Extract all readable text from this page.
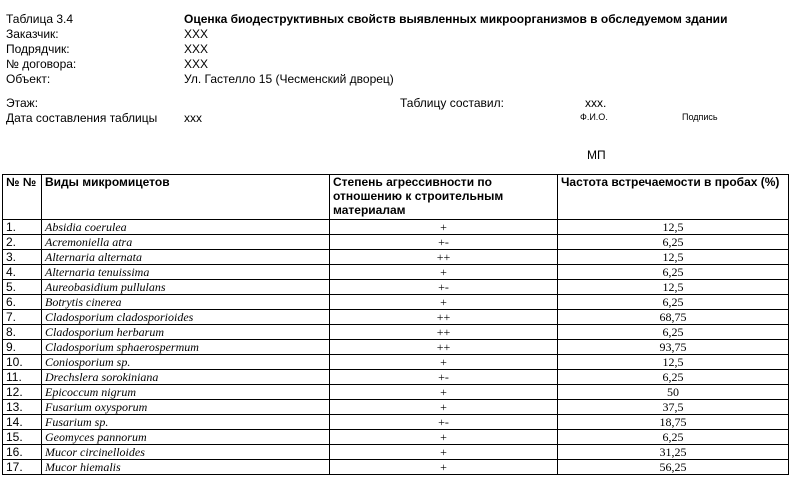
Таблица 3.4	Оценка биодеструктивных свойств выявленных микроорганизмов в обследуемом здании
Заказчик:	ХХХ
Подрядчик:	ХХХ
№ договора:	ХХХ
Объект:	Ул. Гастелло 15 (Чесменский дворец)
Этаж:	Таблицу составил:	ххх.
Дата составления таблицы ххх	Ф.И.О.	Подпись
МП
№ №	Виды микромицетов	Степень агрессивности по отношению к строительным материалам	Частота встречаемости в пробах (%)
1.	Absidia coerulea	+	12,5
2.	Acremoniella atra	+-	6,25
3.	Alternaria alternata	++	12,5
4.	Alternaria tenuissima	+	6,25
5.	Aureobasidium pullulans	+-	12,5
6.	Botrytis cinerea	+	6,25
7.	Cladosporium cladosporioides	++	68,75
8.	Cladosporium herbarum	++	6,25
9.	Cladosporium sphaerospermum	++	93,75
10.	Coniosporium sp.	+	12,5
11.	Drechslera sorokiniana	+-	6,25
12.	Epicoccum nigrum	+	50
13.	Fusarium oxysporum	+	37,5
14.	Fusarium sp.	+-	18,75
15.	Geomyces pannorum	+	6,25
16.	Mucor circinelloides	+	31,25
17.	Mucor hiemalis	+	56,25
